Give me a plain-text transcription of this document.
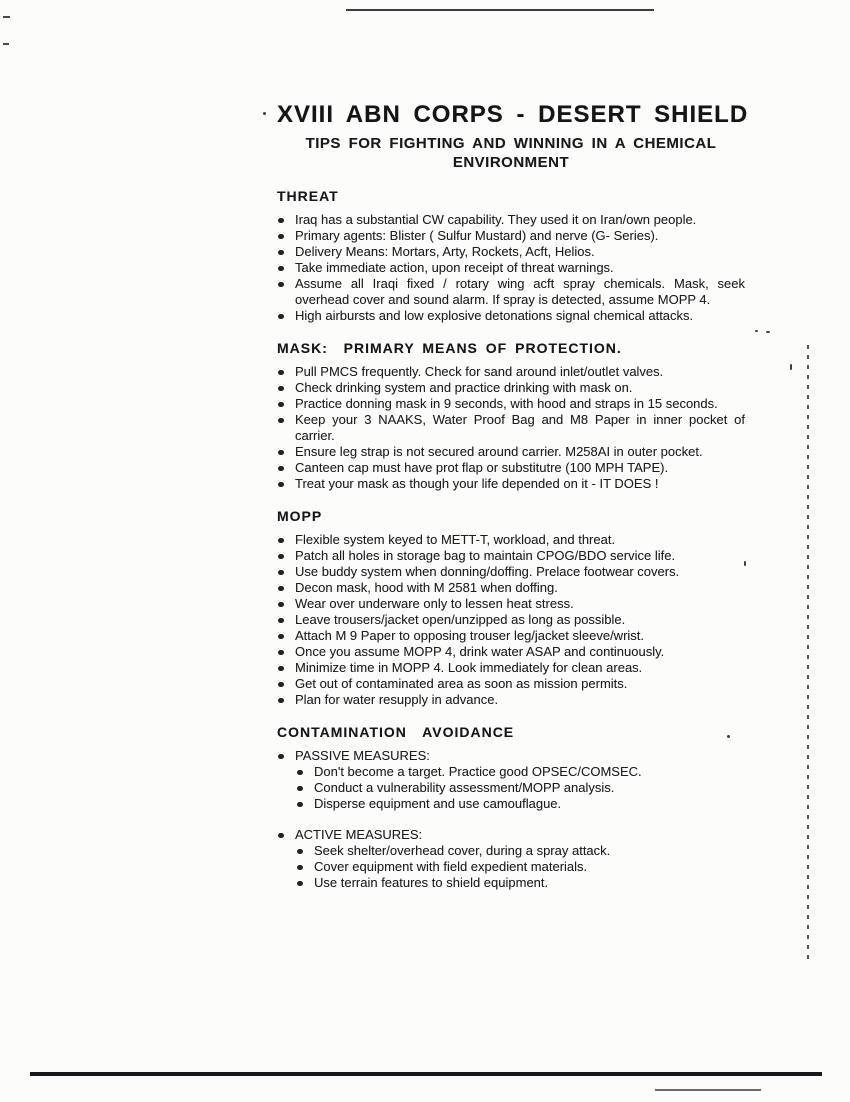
XVIII ABN CORPS - DESERT SHIELD
TIPS FOR FIGHTING AND WINNING IN A CHEMICAL
ENVIRONMENT
THREAT
Iraq has a substantial CW capability. They used it on Iran/own people.
Primary agents: Blister ( Sulfur Mustard) and nerve (G- Series).
Delivery Means: Mortars, Arty, Rockets, Acft, Helios.
Take immediate action, upon receipt of threat warnings.
Assume all Iraqi fixed / rotary wing acft spray chemicals. Mask, seek overhead cover and sound alarm. If spray is detected, assume MOPP 4.
High airbursts and low explosive detonations signal chemical attacks.
MASK:  PRIMARY MEANS OF PROTECTION.
Pull PMCS frequently. Check for sand around inlet/outlet valves.
Check drinking system and practice drinking with mask on.
Practice donning mask in 9 seconds, with hood and straps in 15 seconds.
Keep your 3 NAAKS, Water Proof Bag and M8 Paper in inner pocket of carrier.
Ensure leg strap is not secured around carrier. M258AI in outer pocket.
Canteen cap must have prot flap or substitutre (100 MPH TAPE).
Treat your mask as though your life depended on it - IT DOES !
MOPP
Flexible system keyed to METT-T, workload, and threat.
Patch all holes in storage bag to maintain CPOG/BDO service life.
Use buddy system when donning/doffing. Prelace footwear covers.
Decon mask, hood with M 2581 when doffing.
Wear over underware only to lessen heat stress.
Leave trousers/jacket open/unzipped as long as possible.
Attach M 9 Paper to opposing trouser leg/jacket sleeve/wrist.
Once you assume MOPP 4, drink water ASAP and continuously.
Minimize time in MOPP 4. Look immediately for clean areas.
Get out of contaminated area as soon as mission permits.
Plan for water resupply in advance.
CONTAMINATION  AVOIDANCE
PASSIVE MEASURES:
Don't become a target. Practice good OPSEC/COMSEC.
Conduct a vulnerability assessment/MOPP analysis.
Disperse equipment and use camouflague.
ACTIVE MEASURES:
Seek shelter/overhead cover, during a spray attack.
Cover equipment with field expedient materials.
Use terrain features to shield equipment.
